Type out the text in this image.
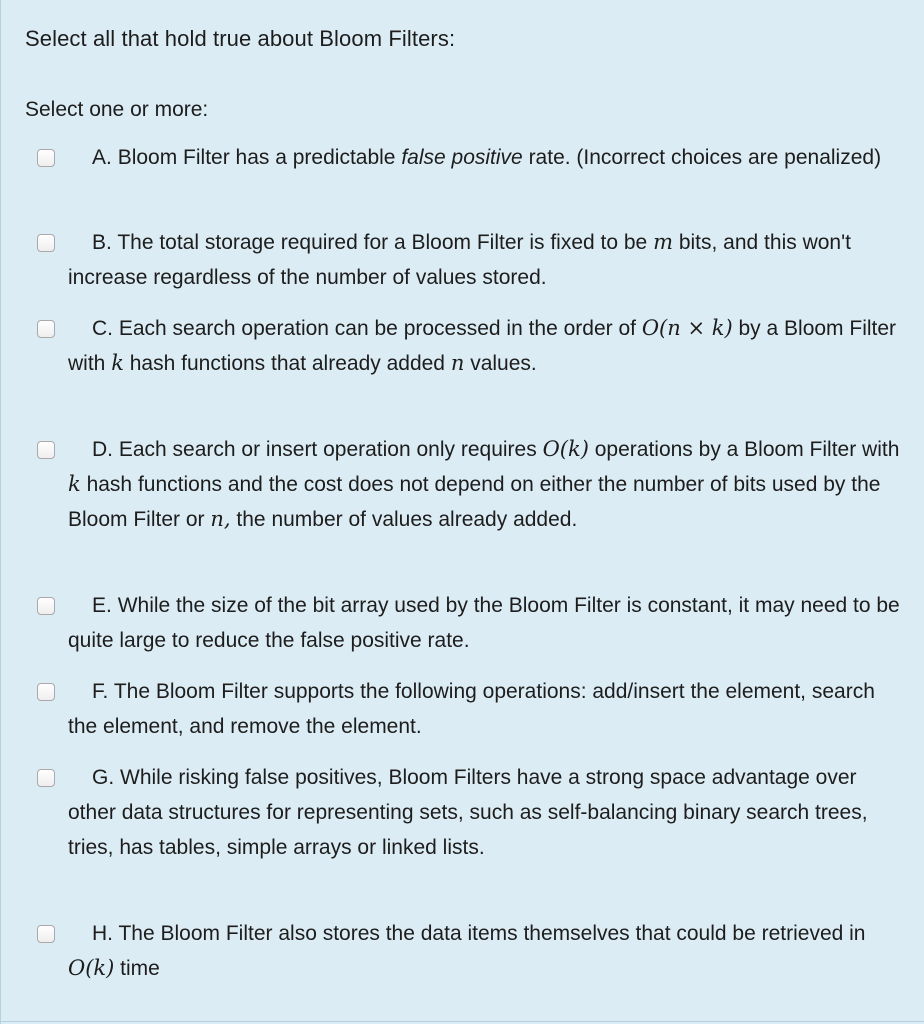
Select all that hold true about Bloom Filters:
Select one or more:
A. Bloom Filter has a predictable false positive rate. (Incorrect choices are penalized)
B. The total storage required for a Bloom Filter is fixed to be m bits, and this won't increase regardless of the number of values stored.
C. Each search operation can be processed in the order of O(n × k) by a Bloom Filter with k hash functions that already added n values.
D. Each search or insert operation only requires O(k) operations by a Bloom Filter with k hash functions and the cost does not depend on either the number of bits used by the Bloom Filter or n, the number of values already added.
E. While the size of the bit array used by the Bloom Filter is constant, it may need to be quite large to reduce the false positive rate.
F. The Bloom Filter supports the following operations: add/insert the element, search the element, and remove the element.
G. While risking false positives, Bloom Filters have a strong space advantage over other data structures for representing sets, such as self-balancing binary search trees, tries, has tables, simple arrays or linked lists.
H. The Bloom Filter also stores the data items themselves that could be retrieved in O(k) time
